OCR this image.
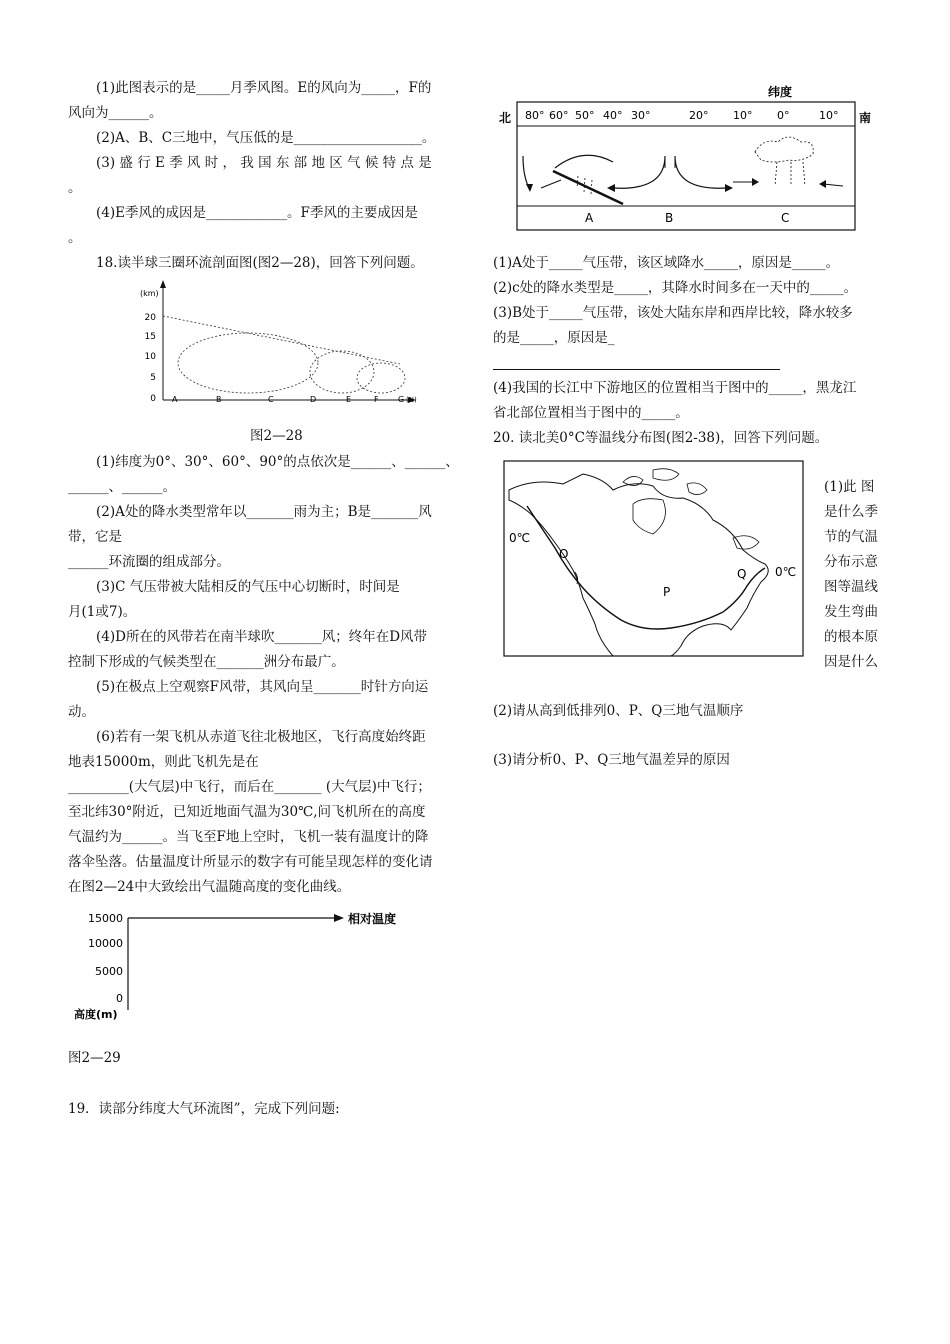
(1)此图表示的是_____月季风图。E的风向为_____，F的
风向为______。
(2)A、B、C三地中，气压低的是___________________。
(3) 盛 行 E 季 风 时 ， 我 国 东 部 地 区 气 候 特 点 是
。
(4)E季风的成因是____________。F季风的主要成因是
。
18.读半球三圈环流剖面图(图2—28)，回答下列问题。
(km)
20
15
10
5
0 A	B	C	D	E	F G (N)
图2—28
(1)纬度为0°、30°、60°、90°的点依次是______、______、
______、______。
(2)A处的降水类型常年以_______雨为主；B是_______风
带，它是
______环流圈的组成部分。
(3)C 气压带被大陆相反的气压中心切断时，时间是
月(1或7)。
(4)D所在的风带若在南半球吹_______风；终年在D风带
控制下形成的气候类型在_______洲分布最广。
(5)在极点上空观察F风带，其风向呈_______时针方向运
动。
(6)若有一架飞机从赤道飞往北极地区，飞行高度始终距
地表15000m，则此飞机先是在
_________(大气层)中飞行，而后在_______ (大气层)中飞行；
至北纬30°附近，已知近地面气温为30℃,问飞机所在的高度
气温约为______。当飞至F地上空时，飞机一装有温度计的降
落伞坠落。估量温度计所显示的数字有可能呈现怎样的变化请
在图2—24中大致绘出气温随高度的变化曲线。
15000
10000
5000
0
相对温度
高度(m)
图2—29
19．读部分纬度大气环流图”，完成下列问题:
纬度
北	南
80° 60° 50° 40° 30°	20° 10° 0°	10°
A	B	C
(1)A处于_____气压带，该区域降水_____，原因是_____。
(2)c处的降水类型是_____，其降水时间多在一天中的_____。
(3)B处于_____气压带，该处大陆东岸和西岸比较，降水较多
的是_____，原因是_
(4)我国的长江中下游地区的位置相当于图中的_____，黑龙江
省北部位置相当于图中的_____。
20. 读北美0°C等温线分布图(图2-38)，回答下列问题。
0℃
O
P
Q 0℃
(1)此 图
是什么季
节的气温
分布示意
图等温线
发生弯曲
的根本原
因是什么
(2)请从高到低排列0、P、Q三地气温顺序
(3)请分析0、P、Q三地气温差异的原因
